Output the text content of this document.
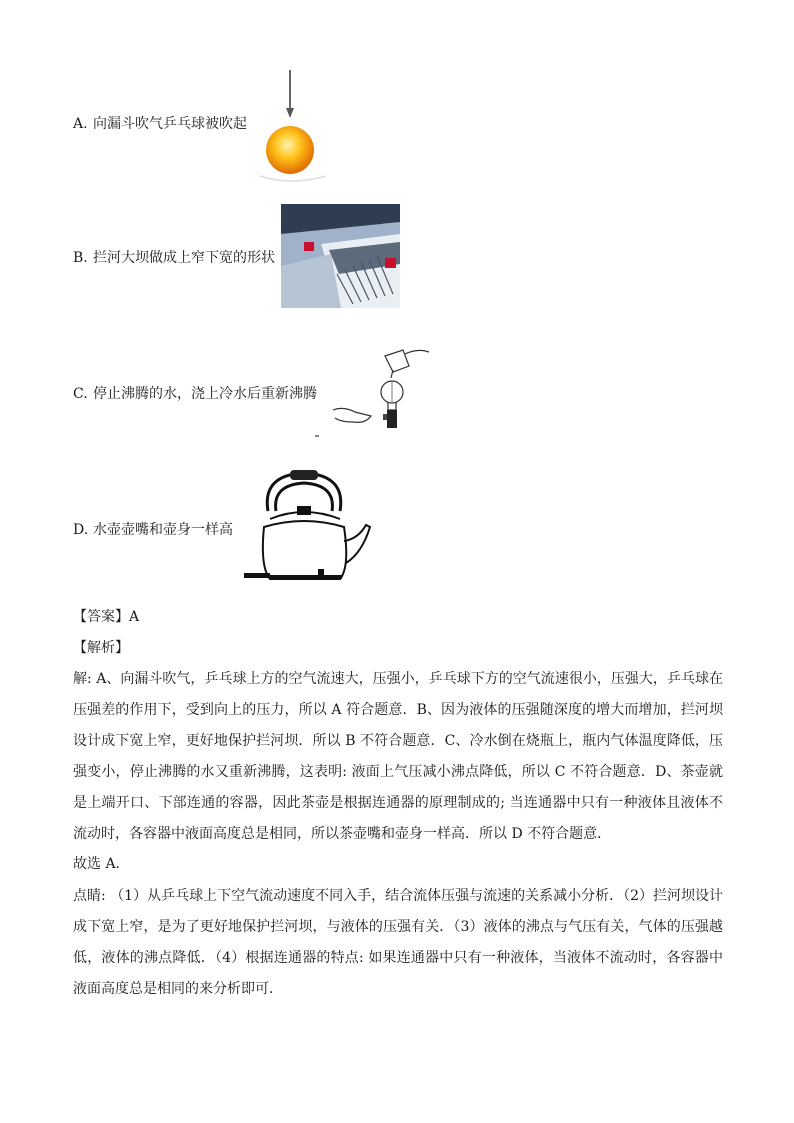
A. 向漏斗吹气乒乓球被吹起
B. 拦河大坝做成上窄下宽的形状
C. 停止沸腾的水，浇上冷水后重新沸腾
D. 水壶壶嘴和壶身一样高
【答案】A
【解析】

解: A、向漏斗吹气，乒乓球上方的空气流速大，压强小，乒乓球下方的空气流速很小，压强大，乒乓球在压强差的作用下，受到向上的压力，所以 A 符合题意．B、因为液体的压强随深度的增大而增加，拦河坝设计成下宽上窄，更好地保护拦河坝．所以 B 不符合题意．C、冷水倒在烧瓶上，瓶内气体温度降低，压强变小，停止沸腾的水又重新沸腾，这表明: 液面上气压减小沸点降低，所以 C 不符合题意．D、茶壶就是上端开口、下部连通的容器，因此茶壶是根据连通器的原理制成的; 当连通器中只有一种液体且液体不流动时，各容器中液面高度总是相同，所以茶壶嘴和壶身一样高．所以 D 不符合题意．

故选 A．

点睛: （1）从乒乓球上下空气流动速度不同入手，结合流体压强与流速的关系减小分析．（2）拦河坝设计成下宽上窄，是为了更好地保护拦河坝，与液体的压强有关．（3）液体的沸点与气压有关，气体的压强越低，液体的沸点降低．（4）根据连通器的特点: 如果连通器中只有一种液体，当液体不流动时，各容器中液面高度总是相同的来分析即可．
